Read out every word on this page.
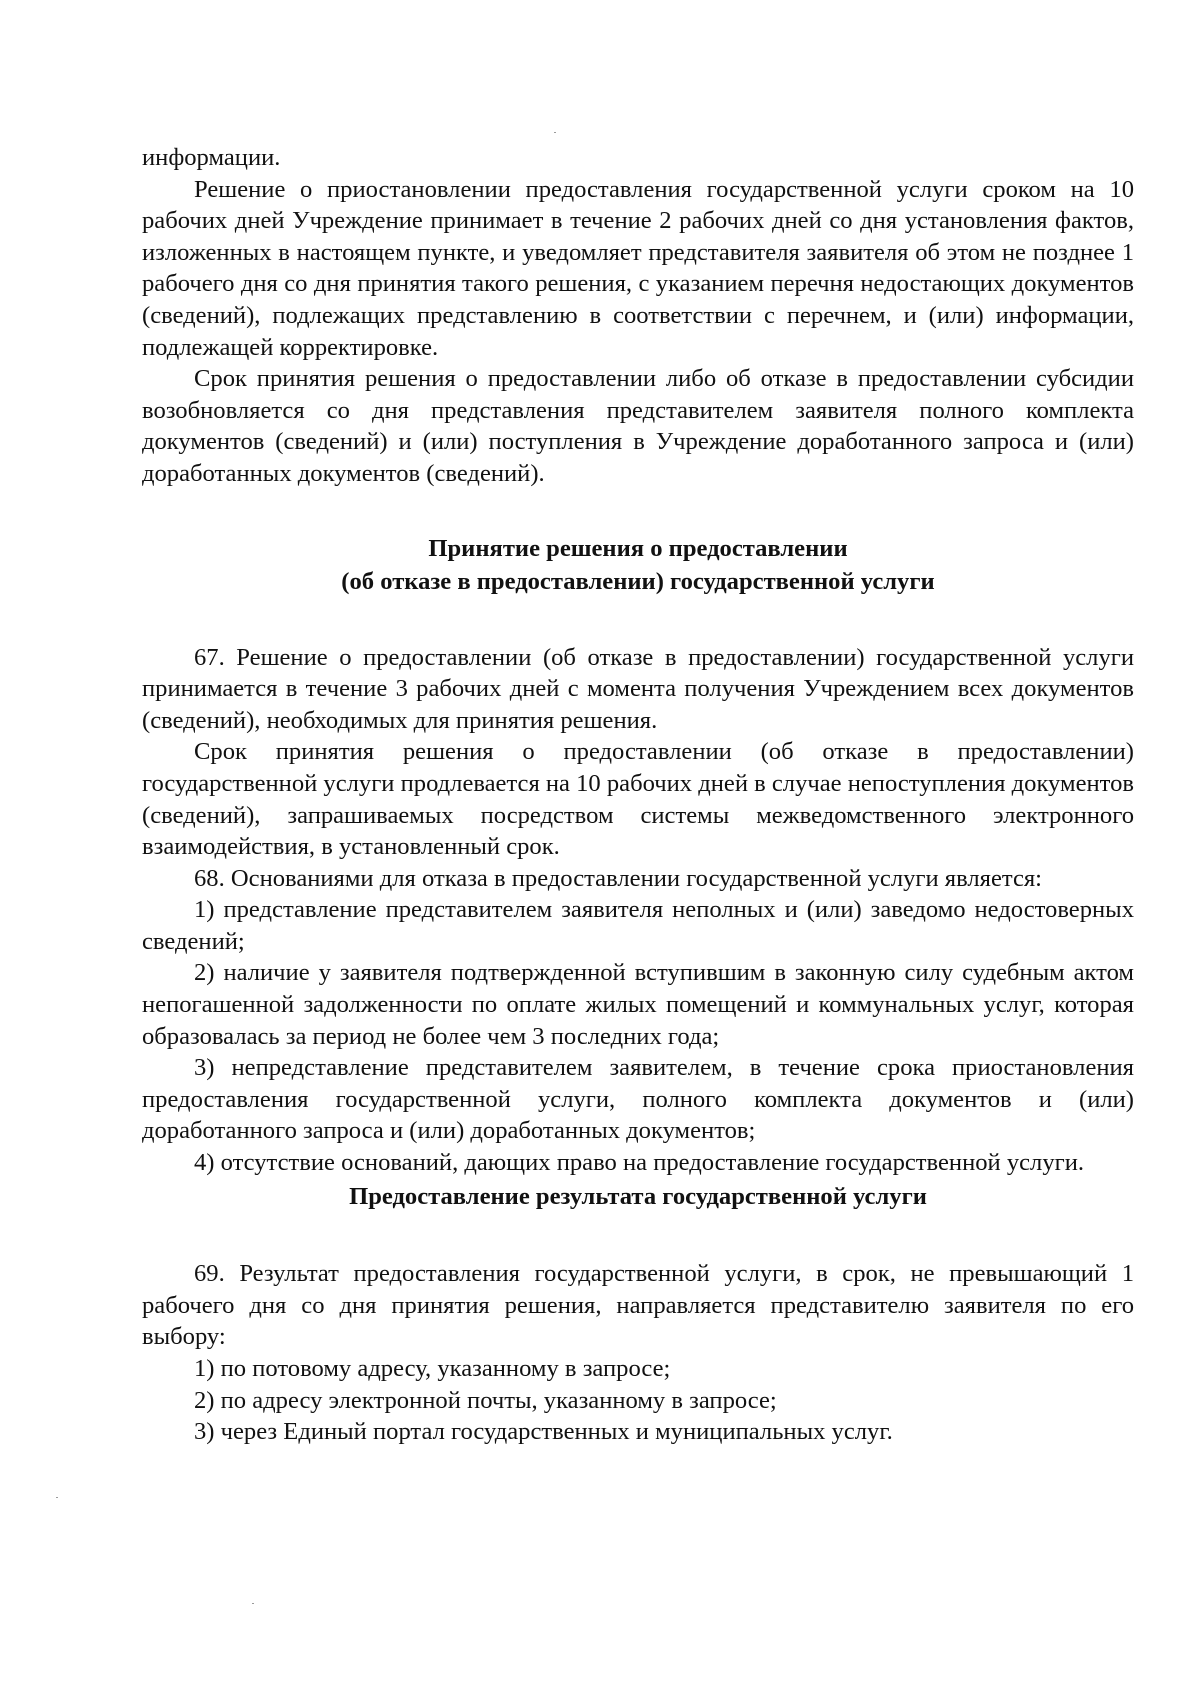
информации.

Решение о приостановлении предоставления государственной услуги сроком на 10 рабочих дней Учреждение принимает в течение 2 рабочих дней со дня установления фактов, изложенных в настоящем пункте, и уведомляет представителя заявителя об этом не позднее 1 рабочего дня со дня принятия такого решения, с указанием перечня недостающих документов (сведений), подлежащих представлению в соответствии с перечнем, и (или) информации, подлежащей корректировке.

Срок принятия решения о предоставлении либо об отказе в предоставлении субсидии возобновляется со дня представления представителем заявителя полного комплекта документов (сведений) и (или) поступления в Учреждение доработанного запроса и (или) доработанных документов (сведений).

Принятие решения о предоставлении
(об отказе в предоставлении) государственной услуги

67. Решение о предоставлении (об отказе в предоставлении) государственной услуги принимается в течение 3 рабочих дней с момента получения Учреждением всех документов (сведений), необходимых для принятия решения.

Срок принятия решения о предоставлении (об отказе в предоставлении) государственной услуги продлевается на 10 рабочих дней в случае непоступления документов (сведений), запрашиваемых посредством системы межведомственного электронного взаимодействия, в установленный срок.

68. Основаниями для отказа в предоставлении государственной услуги является:

1) представление представителем заявителя неполных и (или) заведомо недостоверных сведений;

2) наличие у заявителя подтвержденной вступившим в законную силу судебным актом непогашенной задолженности по оплате жилых помещений и коммунальных услуг, которая образовалась за период не более чем 3 последних года;

3) непредставление представителем заявителем, в течение срока приостановления предоставления государственной услуги, полного комплекта документов и (или) доработанного запроса и (или) доработанных документов;

4) отсутствие оснований, дающих право на предоставление государственной услуги.

Предоставление результата государственной услуги

69. Результат предоставления государственной услуги, в срок, не превышающий 1 рабочего дня со дня принятия решения, направляется представителю заявителя по его выбору:

1) по потовому адресу, указанному в запросе;

2) по адресу электронной почты, указанному в запросе;

3) через Единый портал государственных и муниципальных услуг.
